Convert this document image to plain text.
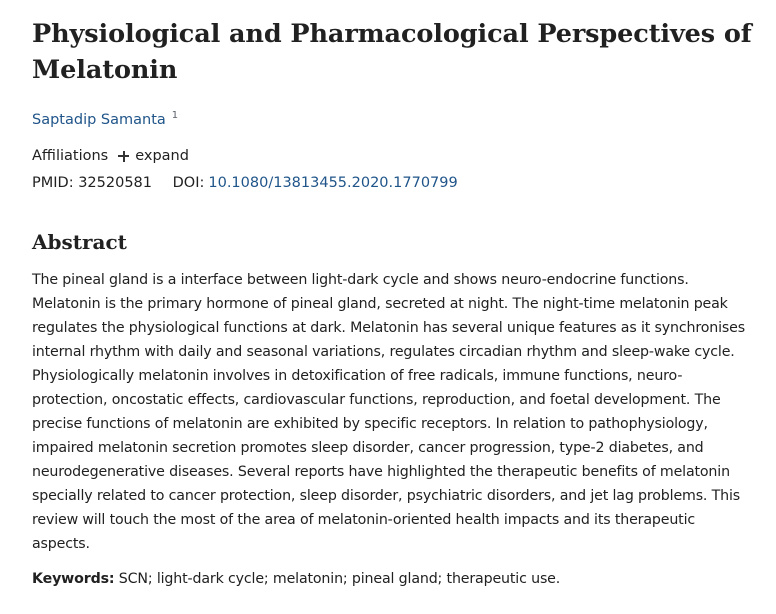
Physiological and Pharmacological Perspectives of Melatonin
Saptadip Samanta $^1$
Affiliations expand
PMID: 32520581 DOI: 10.1080/13813455.2020.1770799
Abstract

The pineal gland is a interface between light-dark cycle and shows neuro-endocrine functions. Melatonin is the primary hormone of pineal gland, secreted at night. The night-time melatonin peak regulates the physiological functions at dark. Melatonin has several unique features as it synchronises internal rhythm with daily and seasonal variations, regulates circadian rhythm and sleep-wake cycle. Physiologically melatonin involves in detoxification of free radicals, immune functions, neuro-protection, oncostatic effects, cardiovascular functions, reproduction, and foetal development. The precise functions of melatonin are exhibited by specific receptors. In relation to pathophysiology, impaired melatonin secretion promotes sleep disorder, cancer progression, type-2 diabetes, and neurodegenerative diseases. Several reports have highlighted the therapeutic benefits of melatonin specially related to cancer protection, sleep disorder, psychiatric disorders, and jet lag problems. This review will touch the most of the area of melatonin-oriented health impacts and its therapeutic aspects.

Keywords: SCN; light-dark cycle; melatonin; pineal gland; therapeutic use.
